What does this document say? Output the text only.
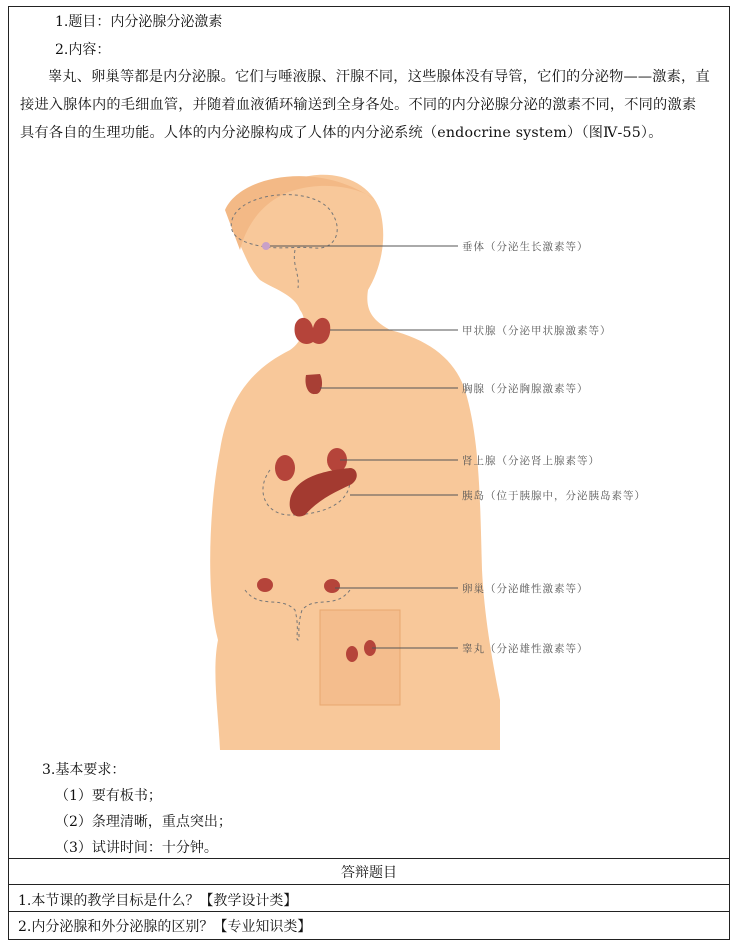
1.题目：内分泌腺分泌激素
2.内容：
睾丸、卵巢等都是内分泌腺。它们与唾液腺、汗腺不同，这些腺体没有导管，它们的分泌物——激素，直接进入腺体内的毛细血管，并随着血液循环输送到全身各处。不同的内分泌腺分泌的激素不同，不同的激素具有各自的生理功能。人体的内分泌腺构成了人体的内分泌系统（endocrine system）（图Ⅳ-55）。
垂体（分泌生长激素等）
甲状腺（分泌甲状腺激素等）
胸腺（分泌胸腺激素等）
肾上腺（分泌肾上腺素等）
胰岛（位于胰腺中，分泌胰岛素等）
卵巢（分泌雌性激素等）
睾丸（分泌雄性激素等）
3.基本要求：
（1）要有板书；
（2）条理清晰，重点突出；
（3）试讲时间：十分钟。
答辩题目
1.本节课的教学目标是什么？【教学设计类】
2.内分泌腺和外分泌腺的区别？【专业知识类】
